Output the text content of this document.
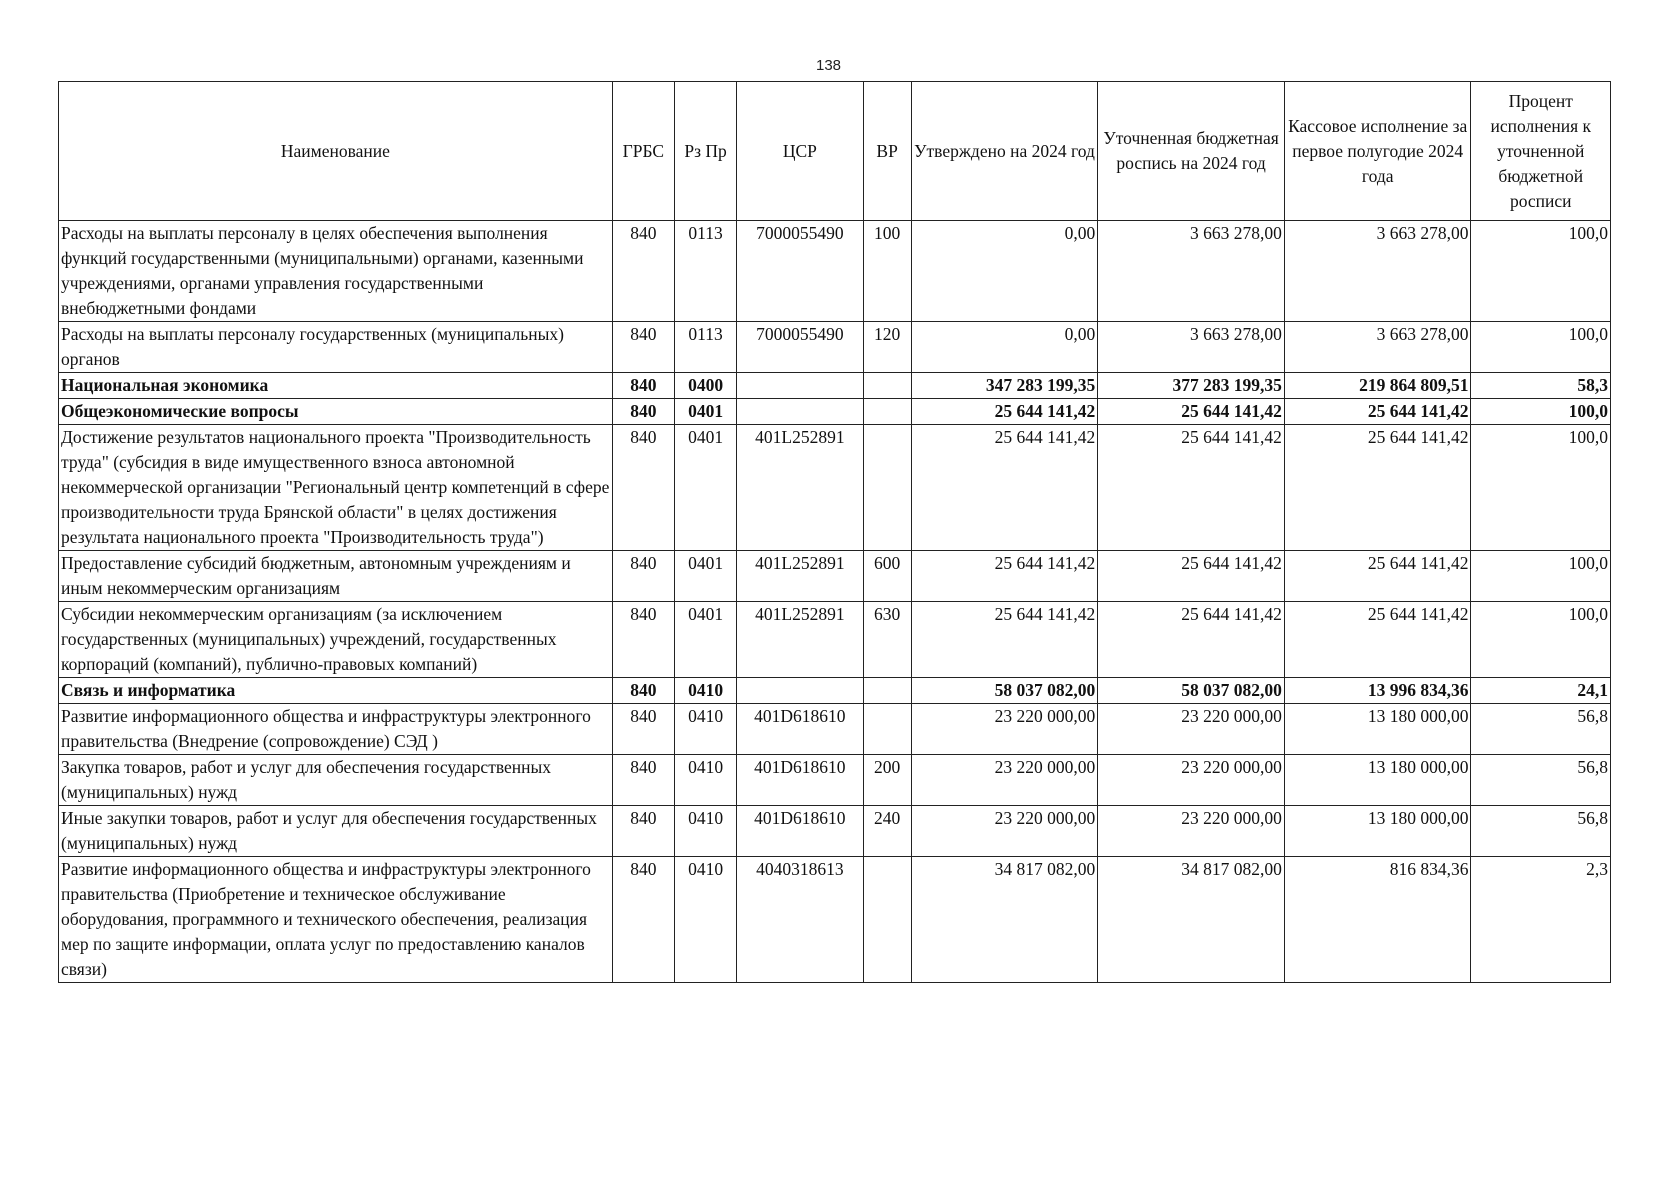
138
Наименование	ГРБС	Рз Пр	ЦСР	ВР	Утверждено на 2024 год	Уточненная бюджетная роспись на 2024 год	Кассовое исполнение за первое полугодие 2024 года	Процент исполнения к уточненной бюджетной росписи
Расходы на выплаты персоналу в целях обеспечения выполнения функций государственными (муниципальными) органами, казенными учреждениями, органами управления государственными внебюджетными фондами	840	0113	7000055490	100	0,00	3 663 278,00	3 663 278,00	100,0
Расходы на выплаты персоналу государственных (муниципальных) органов	840	0113	7000055490	120	0,00	3 663 278,00	3 663 278,00	100,0
Национальная экономика	840	0400			347 283 199,35	377 283 199,35	219 864 809,51	58,3
Общеэкономические вопросы	840	0401			25 644 141,42	25 644 141,42	25 644 141,42	100,0
Достижение результатов национального проекта "Производительность труда" (субсидия в виде имущественного взноса автономной некоммерческой организации "Региональный центр компетенций в сфере производительности труда Брянской области" в целях достижения результата национального проекта "Производительность труда")	840	0401	401L252891		25 644 141,42	25 644 141,42	25 644 141,42	100,0
Предоставление субсидий бюджетным, автономным учреждениям и иным некоммерческим организациям	840	0401	401L252891	600	25 644 141,42	25 644 141,42	25 644 141,42	100,0
Субсидии некоммерческим организациям (за исключением государственных (муниципальных) учреждений, государственных корпораций (компаний), публично-правовых компаний)	840	0401	401L252891	630	25 644 141,42	25 644 141,42	25 644 141,42	100,0
Связь и информатика	840	0410			58 037 082,00	58 037 082,00	13 996 834,36	24,1
Развитие информационного общества и инфраструктуры электронного правительства (Внедрение (сопровождение) СЭД )	840	0410	401D618610		23 220 000,00	23 220 000,00	13 180 000,00	56,8
Закупка товаров, работ и услуг для обеспечения государственных (муниципальных) нужд	840	0410	401D618610	200	23 220 000,00	23 220 000,00	13 180 000,00	56,8
Иные закупки товаров, работ и услуг для обеспечения государственных (муниципальных) нужд	840	0410	401D618610	240	23 220 000,00	23 220 000,00	13 180 000,00	56,8
Развитие информационного общества и инфраструктуры электронного правительства (Приобретение и техническое обслуживание оборудования, программного и технического обеспечения, реализация мер по защите информации, оплата услуг по предоставлению каналов связи)	840	0410	4040318613		34 817 082,00	34 817 082,00	816 834,36	2,3
